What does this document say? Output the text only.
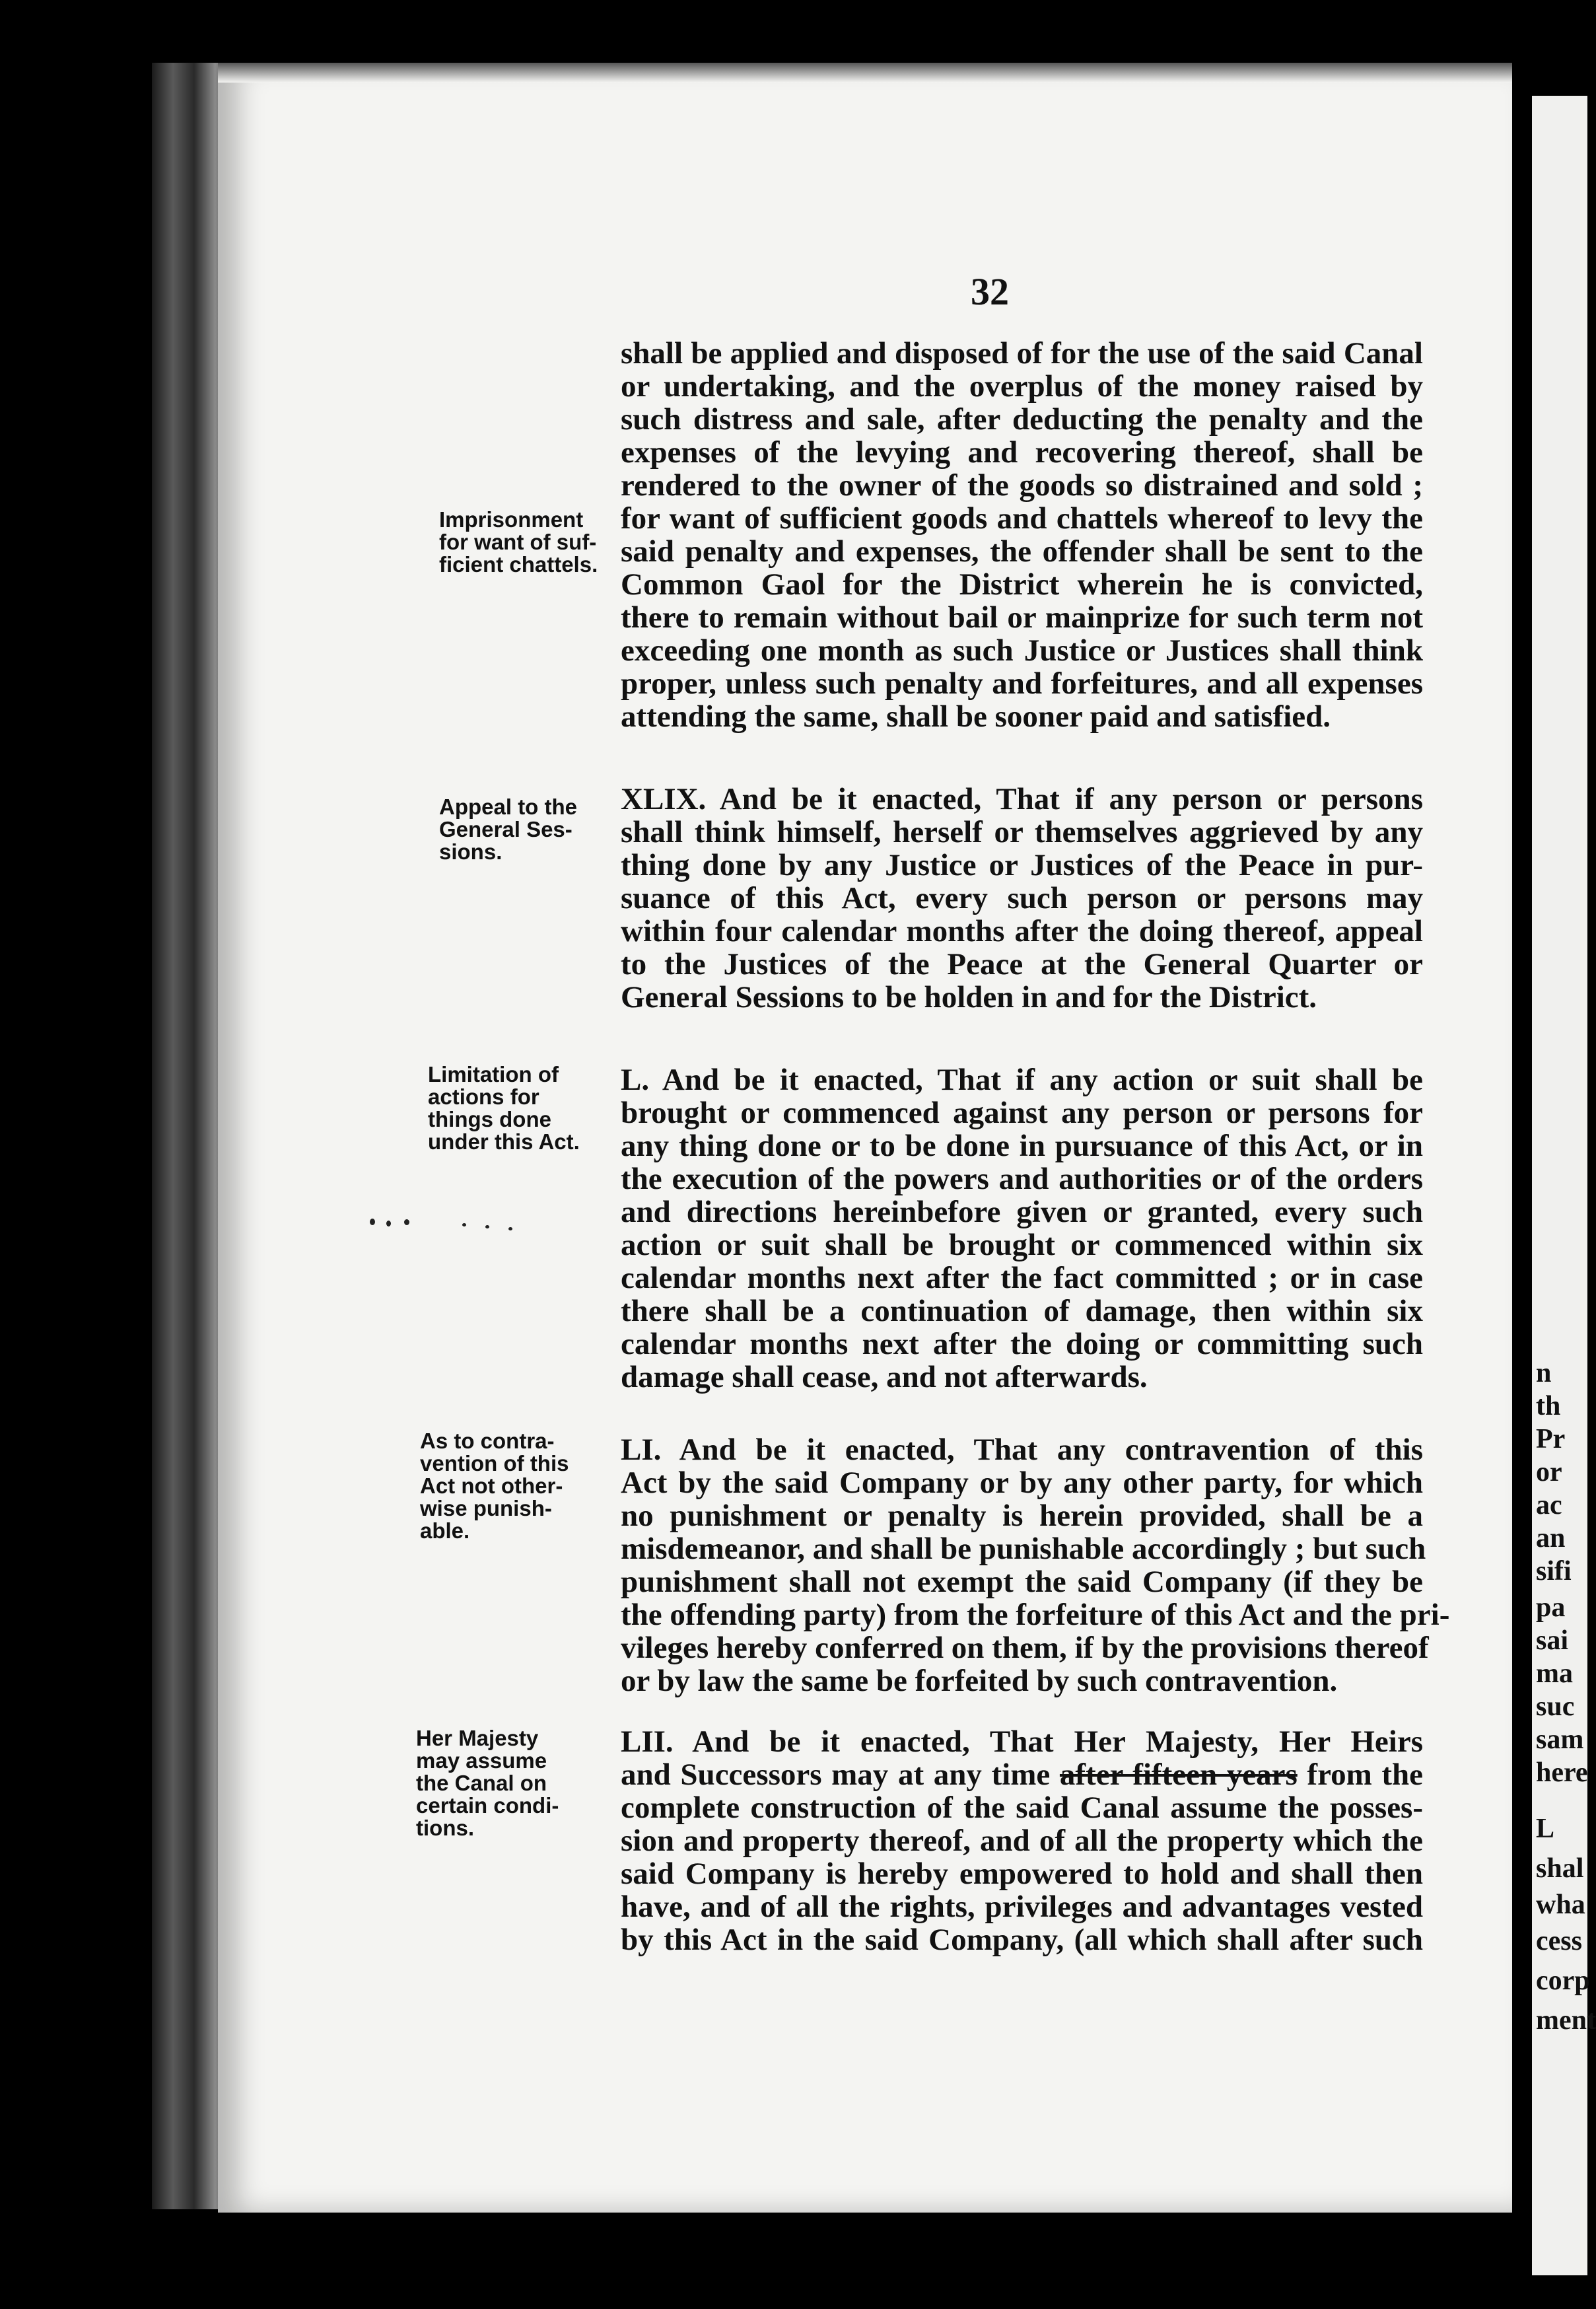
n
th
Pr
or
ac
an
sifi
pa
sai
ma
suc
sam
here
L
shal
wha
cess
corp
ment
32
shall be applied and disposed of for the use of the said Canal
or undertaking, and the overplus of the money raised by
such distress and sale, after deducting the penalty and the
expenses of the levying and recovering thereof, shall be
rendered to the owner of the goods so distrained and sold ;
for want of sufficient goods and chattels whereof to levy the
said penalty and expenses, the offender shall be sent to the
Common Gaol for the District wherein he is convicted,
there to remain without bail or mainprize for such term not
exceeding one month as such Justice or Justices shall think
proper, unless such penalty and forfeitures, and all expenses
attending the same, shall be sooner paid and satisfied.
XLIX. And be it enacted, That if any person or persons
shall think himself, herself or themselves aggrieved by any
thing done by any Justice or Justices of the Peace in pur-
suance of this Act, every such person or persons may
within four calendar months after the doing thereof, appeal
to the Justices of the Peace at the General Quarter or
General Sessions to be holden in and for the District.
L. And be it enacted, That if any action or suit shall be
brought or commenced against any person or persons for
any thing done or to be done in pursuance of this Act, or in
the execution of the powers and authorities or of the orders
and directions hereinbefore given or granted, every such
action or suit shall be brought or commenced within six
calendar months next after the fact committed ; or in case
there shall be a continuation of damage, then within six
calendar months next after the doing or committing such
damage shall cease, and not afterwards.
LI. And be it enacted, That any contravention of this
Act by the said Company or by any other party, for which
no punishment or penalty is herein provided, shall be a
misdemeanor, and shall be punishable accordingly ; but such
punishment shall not exempt the said Company (if they be
the offending party) from the forfeiture of this Act and the pri-
vileges hereby conferred on them, if by the provisions thereof
or by law the same be forfeited by such contravention.
LII. And be it enacted, That Her Majesty, Her Heirs
and Successors may at any time after fifteen years from the
complete construction of the said Canal assume the posses-
sion and property thereof, and of all the property which the
said Company is hereby empowered to hold and shall then
have, and of all the rights, privileges and advantages vested
by this Act in the said Company, (all which shall after such
Imprisonment
for want of suf-
ficient chattels.
Appeal to the
General Ses-
sions.
Limitation of
actions for
things done
under this Act.
As to contra-
vention of this
Act not other-
wise punish-
able.
Her Majesty
may assume
the Canal on
certain condi-
tions.
